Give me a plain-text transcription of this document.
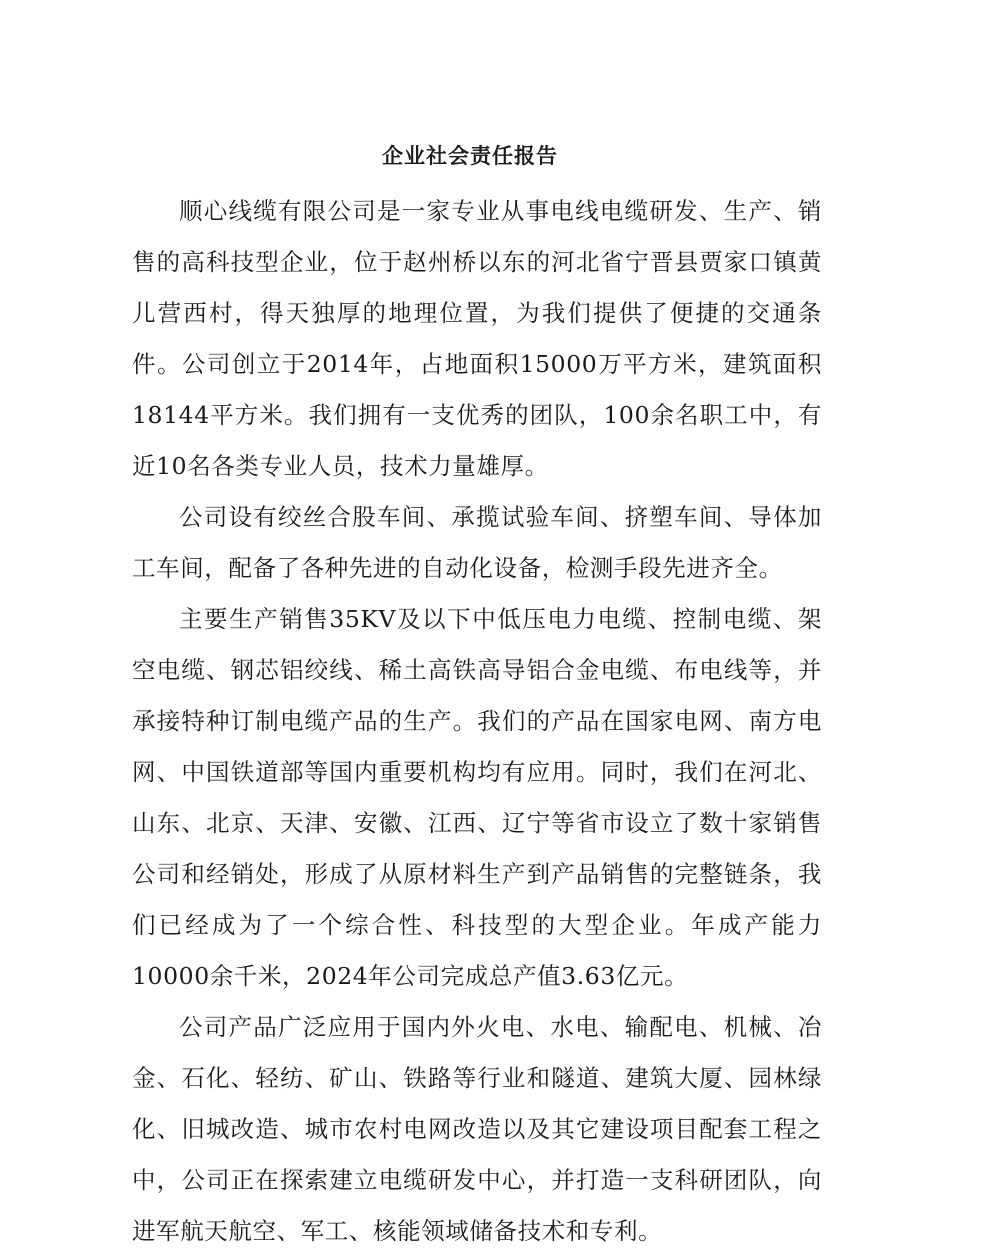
企业社会责任报告

顺心线缆有限公司是一家专业从事电线电缆研发、生产、销售的高科技型企业，位于赵州桥以东的河北省宁晋县贾家口镇黄儿营西村，得天独厚的地理位置，为我们提供了便捷的交通条件。公司创立于2014年，占地面积15000万平方米，建筑面积18144平方米。我们拥有一支优秀的团队，100余名职工中，有近10名各类专业人员，技术力量雄厚。

公司设有绞丝合股车间、承揽试验车间、挤塑车间、导体加工车间，配备了各种先进的自动化设备，检测手段先进齐全。

主要生产销售35KV及以下中低压电力电缆、控制电缆、架空电缆、钢芯铝绞线、稀土高铁高导铝合金电缆、布电线等，并承接特种订制电缆产品的生产。我们的产品在国家电网、南方电网、中国铁道部等国内重要机构均有应用。同时，我们在河北、山东、北京、天津、安徽、江西、辽宁等省市设立了数十家销售公司和经销处，形成了从原材料生产到产品销售的完整链条，我们已经成为了一个综合性、科技型的大型企业。年成产能力10000余千米，2024年公司完成总产值3.63亿元。

公司产品广泛应用于国内外火电、水电、输配电、机械、冶金、石化、轻纺、矿山、铁路等行业和隧道、建筑大厦、园林绿化、旧城改造、城市农村电网改造以及其它建设项目配套工程之中，公司正在探索建立电缆研发中心，并打造一支科研团队，向进军航天航空、军工、核能领域储备技术和专利。
